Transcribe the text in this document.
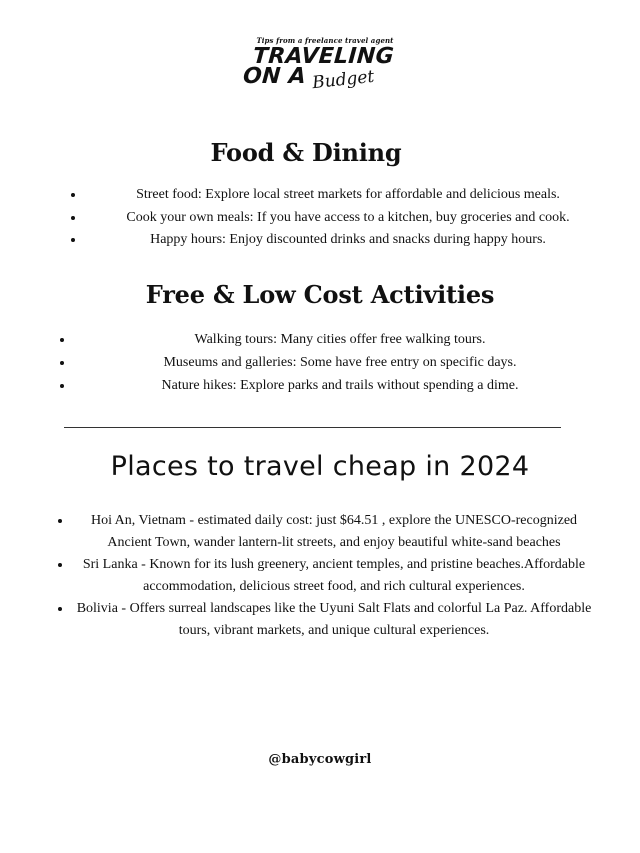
Tips from a freelance travel agent
TRAVELING
ON A Budget
Food & Dining
Street food: Explore local street markets for affordable and delicious meals.
Cook your own meals: If you have access to a kitchen, buy groceries and cook.
Happy hours: Enjoy discounted drinks and snacks during happy hours.
Free & Low Cost Activities
Walking tours: Many cities offer free walking tours.
Museums and galleries: Some have free entry on specific days.
Nature hikes: Explore parks and trails without spending a dime.
Places to travel cheap in 2024
Hoi An, Vietnam - estimated daily cost: just $64.51 , explore the UNESCO-recognized Ancient Town, wander lantern-lit streets, and enjoy beautiful white-sand beaches
Sri Lanka - Known for its lush greenery, ancient temples, and pristine beaches.Affordable accommodation, delicious street food, and rich cultural experiences.
Bolivia - Offers surreal landscapes like the Uyuni Salt Flats and colorful La Paz. Affordable tours, vibrant markets, and unique cultural experiences.
@babycowgirl
